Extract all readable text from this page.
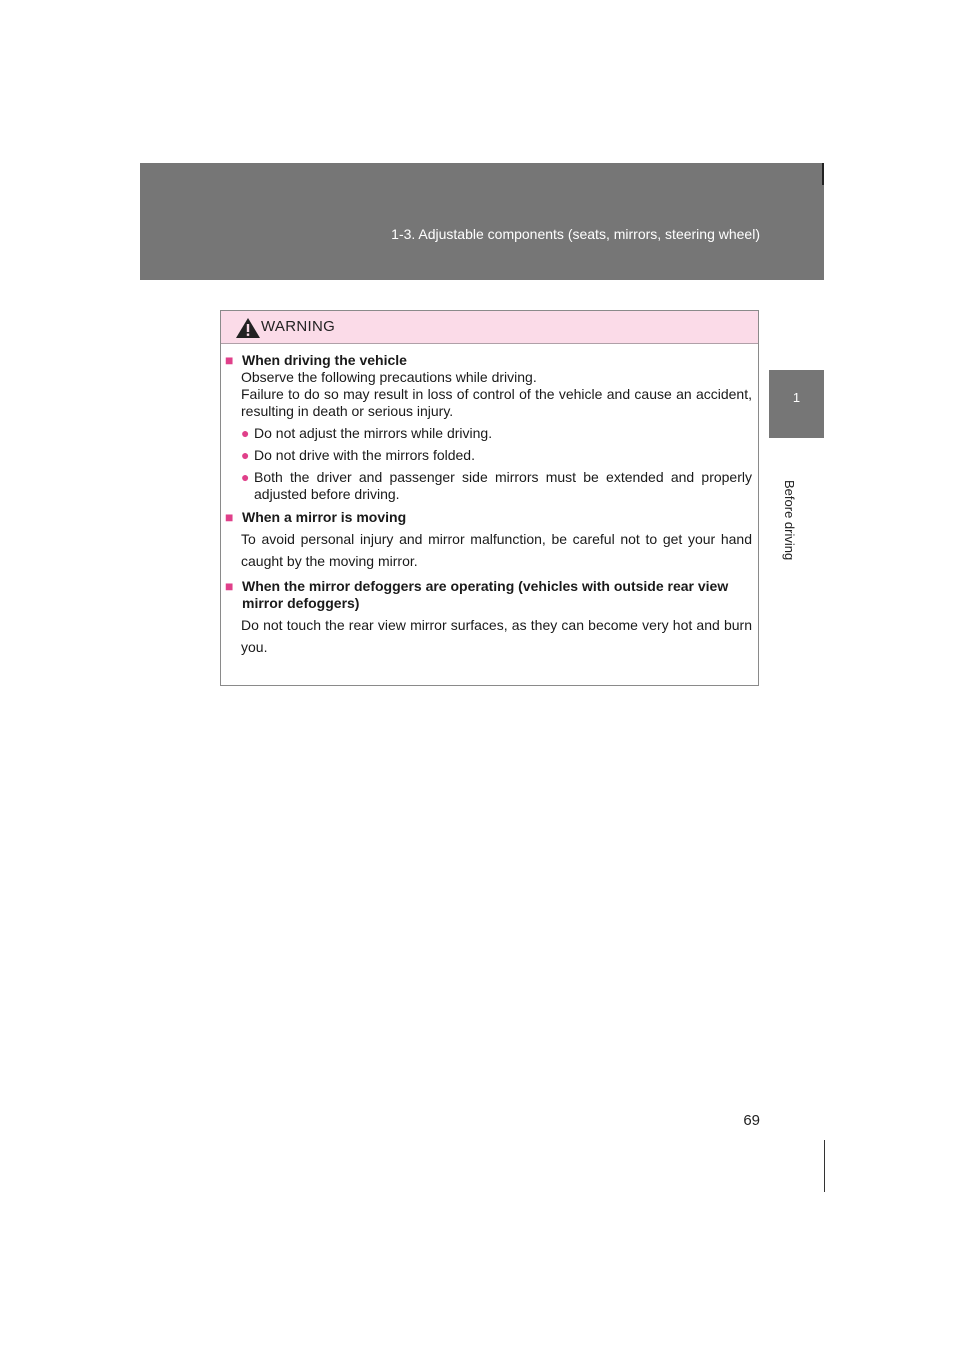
1-3. Adjustable components (seats, mirrors, steering wheel)
1
Before driving
WARNING
■ When driving the vehicle
Observe the following precautions while driving.
Failure to do so may result in loss of control of the vehicle and cause an accident, resulting in death or serious injury.
● Do not adjust the mirrors while driving.
● Do not drive with the mirrors folded.
● Both the driver and passenger side mirrors must be extended and properly adjusted before driving.
■ When a mirror is moving
To avoid personal injury and mirror malfunction, be careful not to get your hand caught by the moving mirror.
■ When the mirror defoggers are operating (vehicles with outside rear view mirror defoggers)
Do not touch the rear view mirror surfaces, as they can become very hot and burn you.
69
